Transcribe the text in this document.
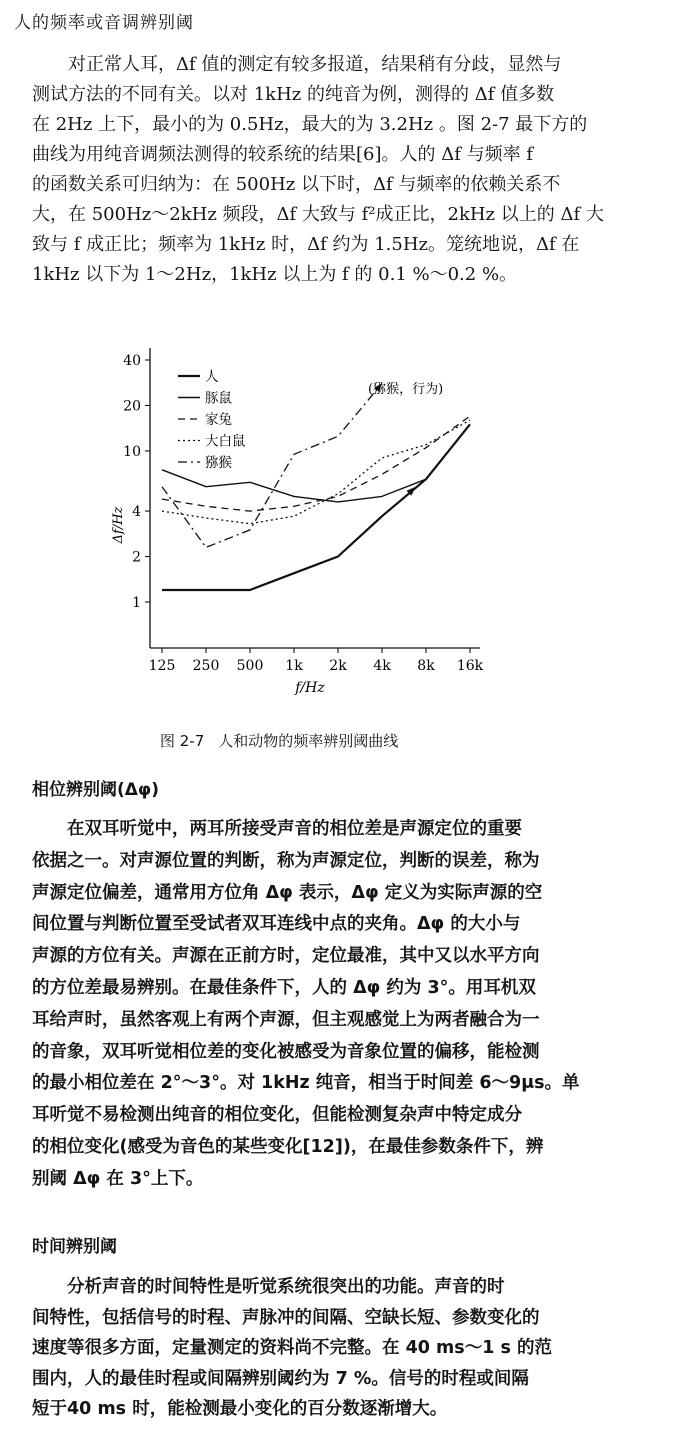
人的频率或音调辨别阈
对正常人耳，Δf 值的测定有较多报道，结果稍有分歧，显然与
测试方法的不同有关。以对 1kHz 的纯音为例，测得的 Δf 值多数
在 2Hz 上下，最小的为 0.5Hz，最大的为 3.2Hz 。图 2-7 最下方的
曲线为用纯音调频法测得的较系统的结果[6]。人的 Δf 与频率 f
的函数关系可归纳为：在 500Hz 以下时，Δf 与频率的依赖关系不
大，在 500Hz～2kHz 频段，Δf 大致与 f²成正比，2kHz 以上的 Δf 大
致与 f 成正比；频率为 1kHz 时，Δf 约为 1.5Hz。笼统地说，Δf 在
1kHz 以下为 1～2Hz，1kHz 以上为 f 的 0.1 %～0.2 %。
125 250 500 1k 2k 4k 8k 16k
1
2
4
10
20
40
人
豚鼠
家兔
大白鼠
猕猴
(猕猴，行为)
f/Hz
Δf/Hz
图 2-7 人和动物的频率辨别阈曲线
相位辨别阈(Δφ)
在双耳听觉中，两耳所接受声音的相位差是声源定位的重要
依据之一。对声源位置的判断，称为声源定位，判断的误差，称为
声源定位偏差，通常用方位角 Δφ 表示，Δφ 定义为实际声源的空
间位置与判断位置至受试者双耳连线中点的夹角。Δφ 的大小与
声源的方位有关。声源在正前方时，定位最准，其中又以水平方向
的方位差最易辨别。在最佳条件下，人的 Δφ 约为 3°。用耳机双
耳给声时，虽然客观上有两个声源，但主观感觉上为两者融合为一
的音象，双耳听觉相位差的变化被感受为音象位置的偏移，能检测
的最小相位差在 2°～3°。对 1kHz 纯音，相当于时间差 6～9μs。单
耳听觉不易检测出纯音的相位变化，但能检测复杂声中特定成分
的相位变化(感受为音色的某些变化[12])，在最佳参数条件下，辨
别阈 Δφ 在 3°上下。
时间辨别阈
分析声音的时间特性是听觉系统很突出的功能。声音的时
间特性，包括信号的时程、声脉冲的间隔、空缺长短、参数变化的
速度等很多方面，定量测定的资料尚不完整。在 40 ms～1 s 的范
围内，人的最佳时程或间隔辨别阈约为 7 %。信号的时程或间隔
短于40 ms 时，能检测最小变化的百分数逐渐增大。
